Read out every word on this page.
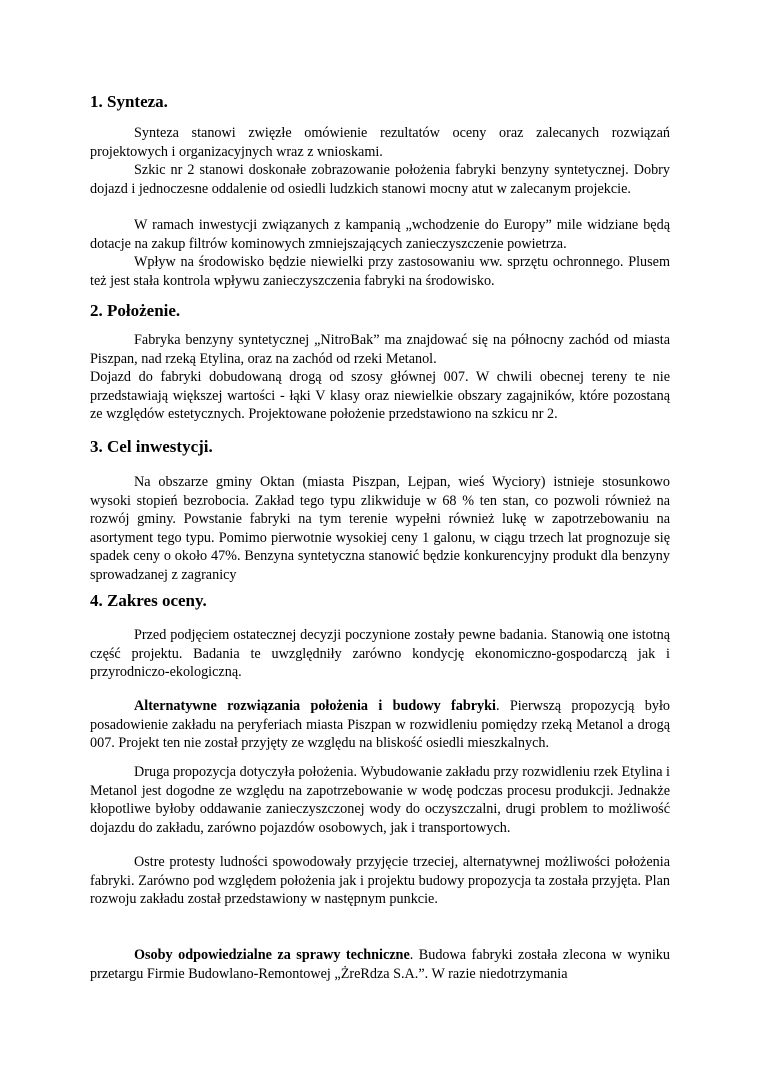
1. Synteza.

Synteza stanowi zwięzłe omówienie rezultatów oceny oraz zalecanych rozwiązań projektowych i organizacyjnych wraz z wnioskami.

Szkic nr 2 stanowi doskonałe zobrazowanie położenia fabryki benzyny syntetycznej. Dobry dojazd i jednoczesne oddalenie od osiedli ludzkich stanowi mocny atut w zalecanym projekcie.

W ramach inwestycji związanych z kampanią „wchodzenie do Europy” mile widziane będą dotacje na zakup filtrów kominowych zmniejszających zanieczyszczenie powietrza.

Wpływ na środowisko będzie niewielki przy zastosowaniu ww. sprzętu ochronnego. Plusem też jest stała kontrola wpływu zanieczyszczenia fabryki na środowisko.

2. Położenie.

Fabryka benzyny syntetycznej „NitroBak” ma znajdować się na północny zachód od miasta Piszpan, nad rzeką Etylina, oraz na zachód od rzeki Metanol.

Dojazd do fabryki dobudowaną drogą od szosy głównej 007. W chwili obecnej tereny te nie przedstawiają większej wartości - łąki V klasy oraz niewielkie obszary zagajników, które pozostaną ze względów estetycznych. Projektowane położenie przedstawiono na szkicu nr 2.

3. Cel inwestycji.

Na obszarze gminy Oktan (miasta Piszpan, Lejpan, wieś Wyciory) istnieje stosunkowo wysoki stopień bezrobocia. Zakład tego typu zlikwiduje w 68 % ten stan, co pozwoli również na rozwój gminy. Powstanie fabryki na tym terenie wypełni również lukę w zapotrzebowaniu na asortyment tego typu. Pomimo pierwotnie wysokiej ceny 1 galonu, w ciągu trzech lat prognozuje się spadek ceny o około 47%. Benzyna syntetyczna stanowić będzie konkurencyjny produkt dla benzyny sprowadzanej z zagranicy

4. Zakres oceny.

Przed podjęciem ostatecznej decyzji poczynione zostały pewne badania. Stanowią one istotną część projektu. Badania te uwzględniły zarówno kondycję ekonomiczno-gospodarczą jak i przyrodniczo-ekologiczną.

Alternatywne rozwiązania położenia i budowy fabryki. Pierwszą propozycją było posadowienie zakładu na peryferiach miasta Piszpan w rozwidleniu pomiędzy rzeką Metanol a drogą 007. Projekt ten nie został przyjęty ze względu na bliskość osiedli mieszkalnych.

Druga propozycja dotyczyła położenia. Wybudowanie zakładu przy rozwidleniu rzek Etylina i Metanol jest dogodne ze względu na zapotrzebowanie w wodę podczas procesu produkcji. Jednakże kłopotliwe byłoby oddawanie zanieczyszczonej wody do oczyszczalni, drugi problem to możliwość dojazdu do zakładu, zarówno pojazdów osobowych, jak i transportowych.

Ostre protesty ludności spowodowały przyjęcie trzeciej, alternatywnej możliwości położenia fabryki. Zarówno pod względem położenia jak i projektu budowy propozycja ta została przyjęta. Plan rozwoju zakładu został przedstawiony w następnym punkcie.

Osoby odpowiedzialne za sprawy techniczne. Budowa fabryki została zlecona w wyniku przetargu Firmie Budowlano-Remontowej „ŻreRdza S.A.”. W razie niedotrzymania
